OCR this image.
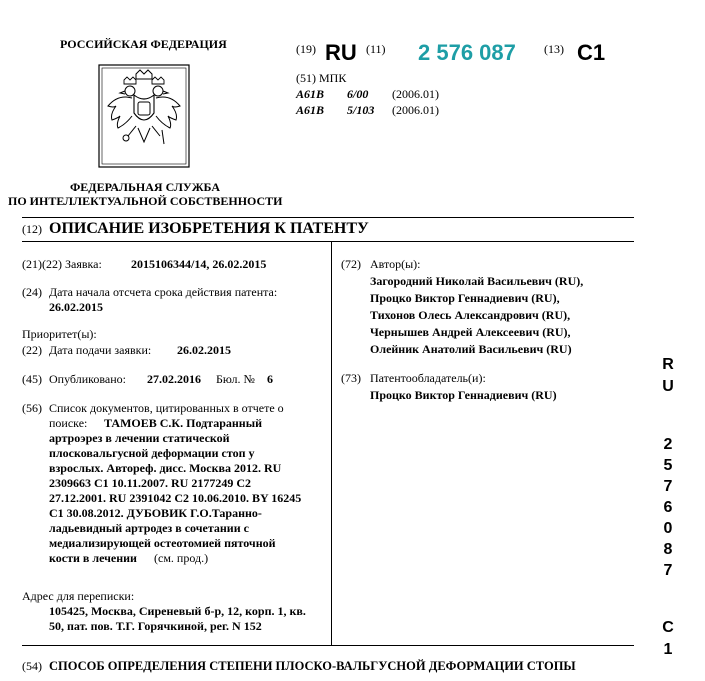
РОССИЙСКАЯ ФЕДЕРАЦИЯ
ФЕДЕРАЛЬНАЯ СЛУЖБА
ПО ИНТЕЛЛЕКТУАЛЬНОЙ СОБСТВЕННОСТИ
(19) RU (11) 2 576 087 (13) C1
(51) МПК
A61B 6/00 (2006.01)
A61B 5/103 (2006.01)
(12) ОПИСАНИЕ ИЗОБРЕТЕНИЯ К ПАТЕНТУ
(21)(22) Заявка: 2015106344/14, 26.02.2015
(24) Дата начала отсчета срока действия патента:
26.02.2015
Приоритет(ы):
(22) Дата подачи заявки: 26.02.2015
(45) Опубликовано: 27.02.2016 Бюл. № 6
(56) Список документов, цитированных в отчете о
поиске: ТАМОЕВ С.К. Подтаранный
артроэрез в лечении статической
плосковальгусной деформации стоп у
взрослых. Автореф. дисс. Москва 2012. RU
2309663 C1 10.11.2007. RU 2177249 C2
27.12.2001. RU 2391042 C2 10.06.2010. BY 16245
C1 30.08.2012. ДУБОВИК Г.О.Таранно-
ладьевидный артродез в сочетании с
медиализирующей остеотомией пяточной
кости в лечении (см. прод.)
Адрес для переписки:
105425, Москва, Сиреневый б-р, 12, корп. 1, кв.
50, пат. пов. Т.Г. Горячкиной, рег. N 152
(72) Автор(ы):
Загородний Николай Васильевич (RU),
Процко Виктор Геннадиевич (RU),
Тихонов Олесь Александрович (RU),
Чернышев Андрей Алексеевич (RU),
Олейник Анатолий Васильевич (RU)
(73) Патентообладатель(и):
Процко Виктор Геннадиевич (RU)
(54) СПОСОБ ОПРЕДЕЛЕНИЯ СТЕПЕНИ ПЛОСКО-ВАЛЬГУСНОЙ ДЕФОРМАЦИИ СТОПЫ
R
U
2
5
7
6
0
8
7
C
1
